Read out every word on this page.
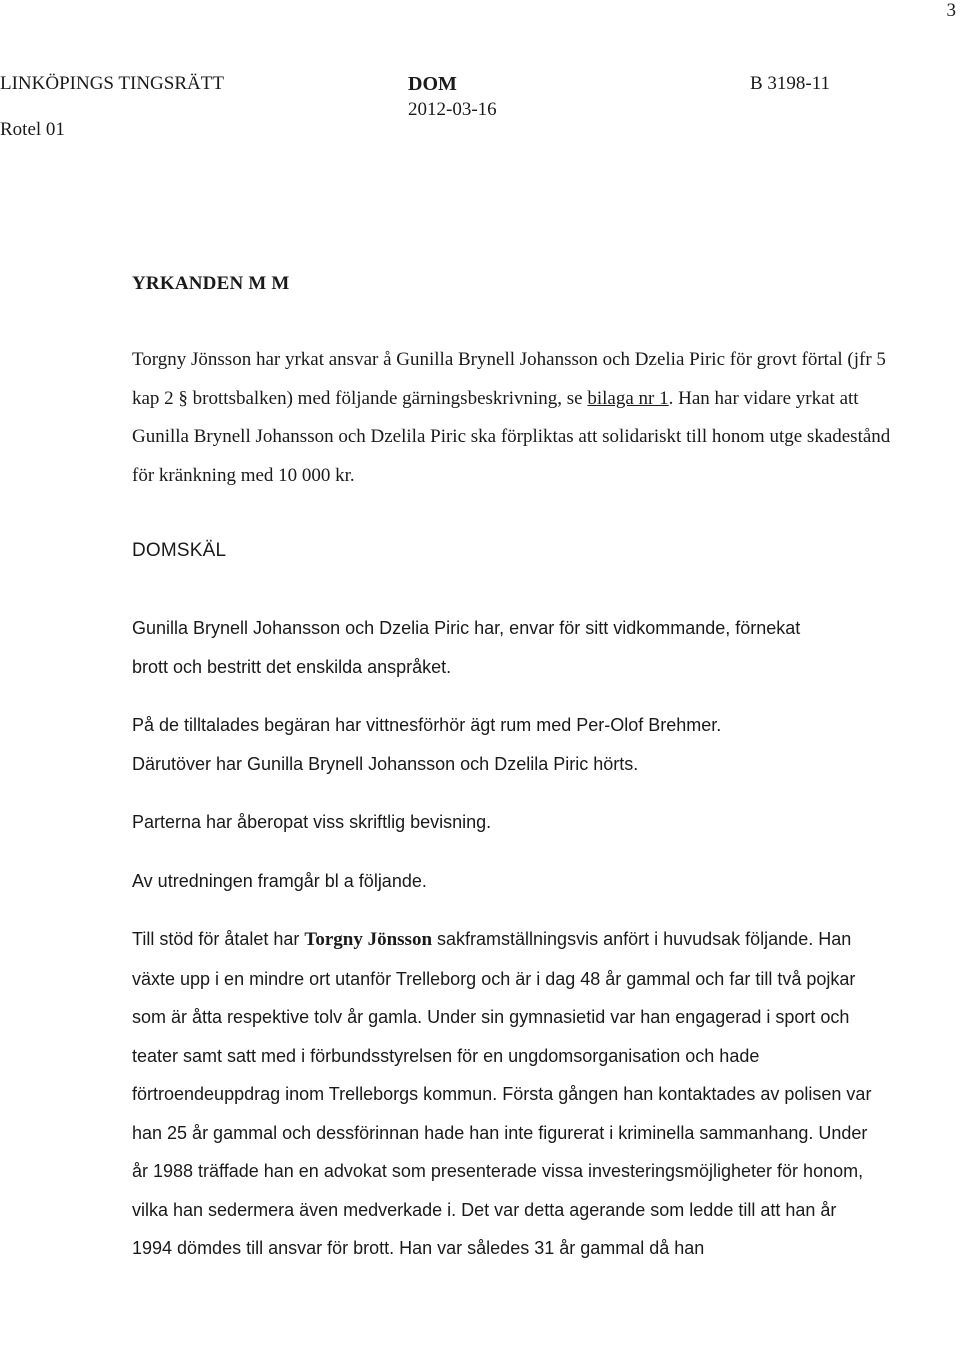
3
LINKÖPINGS TINGSRÄTT
Rotel 01
DOM
2012-03-16
B 3198-11
YRKANDEN M M

Torgny Jönsson har yrkat ansvar å Gunilla Brynell Johansson och Dzelia Piric för grovt förtal (jfr 5 kap 2 § brottsbalken) med följande gärningsbeskrivning, se bilaga nr 1. Han har vidare yrkat att Gunilla Brynell Johansson och Dzelila Piric ska förpliktas att solidariskt till honom utge skadestånd för kränkning med 10 000 kr.

DOMSKÄL

Gunilla Brynell Johansson och Dzelia Piric har, envar för sitt vidkommande, förnekat brott och bestritt det enskilda anspråket.

På de tilltalades begäran har vittnesförhör ägt rum med Per-Olof Brehmer.
Därutöver har Gunilla Brynell Johansson och Dzelila Piric hörts.

Parterna har åberopat viss skriftlig bevisning.

Av utredningen framgår bl a följande.

Till stöd för åtalet har Torgny Jönsson sakframställningsvis anfört i huvudsak följande. Han växte upp i en mindre ort utanför Trelleborg och är i dag 48 år gammal och far till två pojkar som är åtta respektive tolv år gamla. Under sin gymnasietid var han engagerad i sport och teater samt satt med i förbundsstyrelsen för en ungdomsorganisation och hade förtroendeuppdrag inom Trelleborgs kommun. Första gången han kontaktades av polisen var han 25 år gammal och dessförinnan hade han inte figurerat i kriminella sammanhang. Under år 1988 träffade han en advokat som presenterade vissa investeringsmöjligheter för honom, vilka han sedermera även medverkade i. Det var detta agerande som ledde till att han år 1994 dömdes till ansvar för brott. Han var således 31 år gammal då han
